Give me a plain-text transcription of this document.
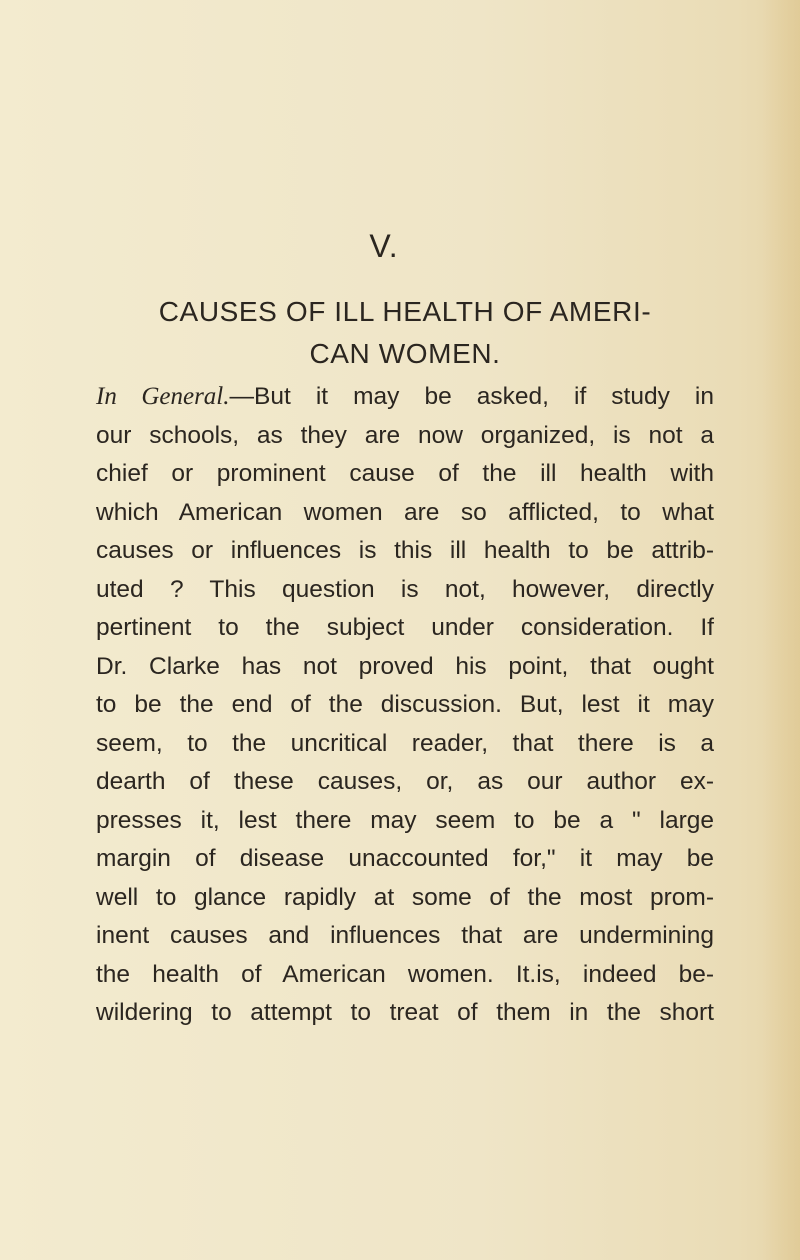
V.
CAUSES OF ILL HEALTH OF AMERI-
CAN WOMEN.
In General.—But it may be asked, if study in
our schools, as they are now organized, is not a
chief or prominent cause of the ill health with
which American women are so afflicted, to what
causes or influences is this ill health to be attrib-
uted ? This question is not, however, directly
pertinent to the subject under consideration. If
Dr. Clarke has not proved his point, that ought
to be the end of the discussion. But, lest it may
seem, to the uncritical reader, that there is a
dearth of these causes, or, as our author ex-
presses it, lest there may seem to be a " large
margin of disease unaccounted for," it may be
well to glance rapidly at some of the most prom-
inent causes and influences that are undermining
the health of American women. It.is, indeed be-
wildering to attempt to treat of them in the short
